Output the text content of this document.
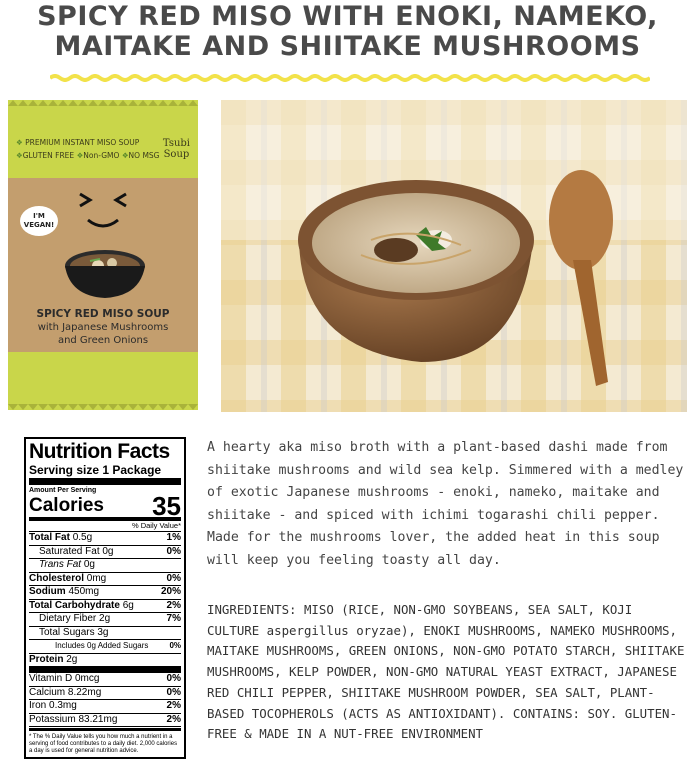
SPICY RED MISO WITH ENOKI, NAMEKO,
MAITAKE AND SHIITAKE MUSHROOMS
❖ PREMIUM INSTANT MISO SOUP
❖GLUTEN FREE ❖Non-GMO ❖NO MSG
Tsubi
Soup
I'M
VEGAN!
SPICY RED MISO SOUP
with Japanese Mushrooms
and Green Onions
Nutrition Facts
Serving size 1 Package
Amount Per Serving
Calories 35
% Daily Value*
Total Fat 0.5g	1%
Saturated Fat 0g	0%
Trans Fat 0g
Cholesterol 0mg	0%
Sodium 450mg	20%
Total Carbohydrate 6g	2%
Dietary Fiber 2g	7%
Total Sugars 3g
Includes 0g Added Sugars	0%
Protein 2g
Vitamin D 0mcg	0%
Calcium 8.22mg	0%
Iron 0.3mg	2%
Potassium 83.21mg	2%
* The % Daily Value tells you how much a nutrient in a serving of food contributes to a daily diet. 2,000 calories a day is used for general nutrition advice.
A hearty aka miso broth with a plant-based dashi made from shiitake mushrooms and wild sea kelp. Simmered with a medley of exotic Japanese mushrooms - enoki, nameko, maitake and shiitake - and spiced with ichimi togarashi chili pepper. Made for the mushrooms lover, the added heat in this soup will keep you feeling toasty all day.
INGREDIENTS: MISO (RICE, NON-GMO SOYBEANS, SEA SALT, KOJI CULTURE aspergillus oryzae), ENOKI MUSHROOMS, NAMEKO MUSHROOMS, MAITAKE MUSHROOMS, GREEN ONIONS, NON-GMO POTATO STARCH, SHIITAKE MUSHROOMS, KELP POWDER, NON-GMO NATURAL YEAST EXTRACT, JAPANESE RED CHILI PEPPER, SHIITAKE MUSHROOM POWDER, SEA SALT, PLANT-BASED TOCOPHEROLS (ACTS AS ANTIOXIDANT). CONTAINS: SOY. GLUTEN-FREE & MADE IN A NUT-FREE ENVIRONMENT
